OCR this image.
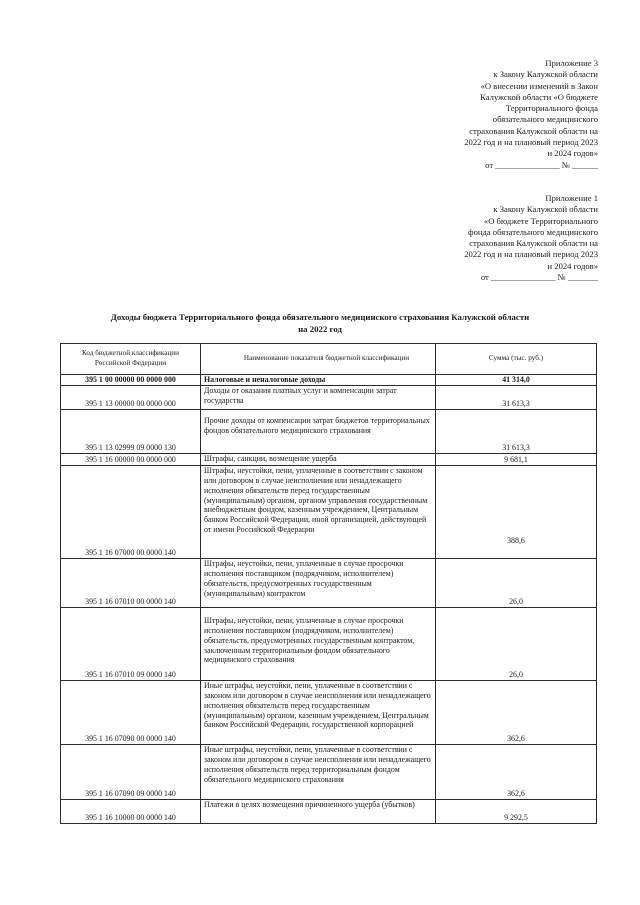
Приложение 3
к Закону Калужской области
«О внесении изменений в Закон
Калужской области «О бюджете
Территориального фонда
обязательного медицинского
страхования Калужской области на
2022 год и на плановый период 2023
и 2024 годов»
от _______________ № ______
Приложение 1
к Закону Калужской области
«О бюджете Территориального
фонда обязательного медицинского
страхования Калужской области на
2022 год и на плановый период 2023
и 2024 годов»
от _______________ № _______
Доходы бюджета Территориального фонда обязательного медицинского страхования Калужской области
на 2022 год
Код бюджетной классификации Российской Федерации	Наименование показателя бюджетной классификации	Сумма (тыс. руб.)
395 1 00 00000 00 0000 000	Налоговые и неналоговые доходы	41 314,0
395 1 13 00000 00 0000 000	Доходы от оказания платных услуг и компенсации затрат государства	31 613,3
395 1 13 02999 09 0000 130	Прочие доходы от компенсации затрат бюджетов территориальных фондов обязательного медицинского страхования	31 613,3
395 1 16 00000 00 0000 000	Штрафы, санкции, возмещение ущерба	9 681,1
395 1 16 07000 00 0000 140	Штрафы, неустойки, пени, уплаченные в соответствии с законом или договором в случае неисполнения или ненадлежащего исполнения обязательств перед государственным (муниципальным) органом, органом управления государственным внебюджетным фондом, казенным учреждением, Центральным банком Российской Федерации, иной организацией, действующей от имени Российской Федерации	388,6
395 1 16 07010 00 0000 140	Штрафы, неустойки, пени, уплаченные в случае просрочки исполнения поставщиком (подрядчиком, исполнителем) обязательств, предусмотренных государственным (муниципальным) контрактом	26,0
395 1 16 07010 09 0000 140	Штрафы, неустойки, пени, уплаченные в случае просрочки исполнения поставщиком (подрядчиком, исполнителем) обязательств, предусмотренных государственным контрактом, заключенным территориальным фондом обязательного медицинского страхования	26,0
395 1 16 07090 00 0000 140	Иные штрафы, неустойки, пени, уплаченные в соответствии с законом или договором в случае неисполнения или ненадлежащего исполнения обязательств перед государственным (муниципальным) органом, казенным учреждением, Центральным банком Российской Федерации, государственной корпорацией	362,6
395 1 16 07090 09 0000 140	Иные штрафы, неустойки, пени, уплаченные в соответствии с законом или договором в случае неисполнения или ненадлежащего исполнения обязательств перед территориальным фондом обязательного медицинского страхования	362,6
395 1 16 10000 00 0000 140	Платежи в целях возмещения причиненного ущерба (убытков)	9 292,5
